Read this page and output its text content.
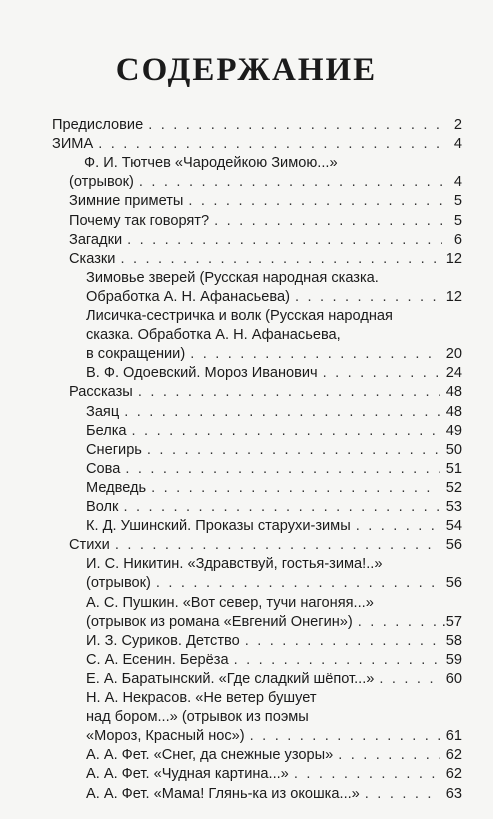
СОДЕРЖАНИЕ
Предисловие . . .	2
ЗИМА . . .	4
Ф. И. Тютчев «Чародейкою Зимою...»
(отрывок) . . .	4
Зимние приметы . . .	5
Почему так говорят? . . .	5
Загадки . . .	6
Сказки . . .	12
Зимовье зверей (Русская народная сказка.
Обработка А. Н. Афанасьева) . . .	12
Лисичка-сестричка и волк (Русская народная
сказка. Обработка А. Н. Афанасьева,
в сокращении) . . .	20
В. Ф. Одоевский. Мороз Иванович . . .	24
Рассказы . . .	48
Заяц . . .	48
Белка . . .	49
Снегирь . . .	50
Сова . . .	51
Медведь . . .	52
Волк . . .	53
К. Д. Ушинский. Проказы старухи-зимы . . .	54
Стихи . . .	56
И. С. Никитин. «Здравствуй, гостья-зима!..»
(отрывок) . . .	56
А. С. Пушкин. «Вот север, тучи нагоняя...»
(отрывок из романа «Евгений Онегин») . . .	.57
И. З. Суриков. Детство . . .	58
С. А. Есенин. Берёза . . .	59
Е. А. Баратынский. «Где сладкий шёпот...» . . .	60
Н. А. Некрасов. «Не ветер бушует
над бором...» (отрывок из поэмы
«Мороз, Красный нос») . . .	61
А. А. Фет. «Снег, да снежные узоры» . . .	62
А. А. Фет. «Чудная картина...» . . .	62
А. А. Фет. «Мама! Глянь-ка из окошка...» . . .	63
